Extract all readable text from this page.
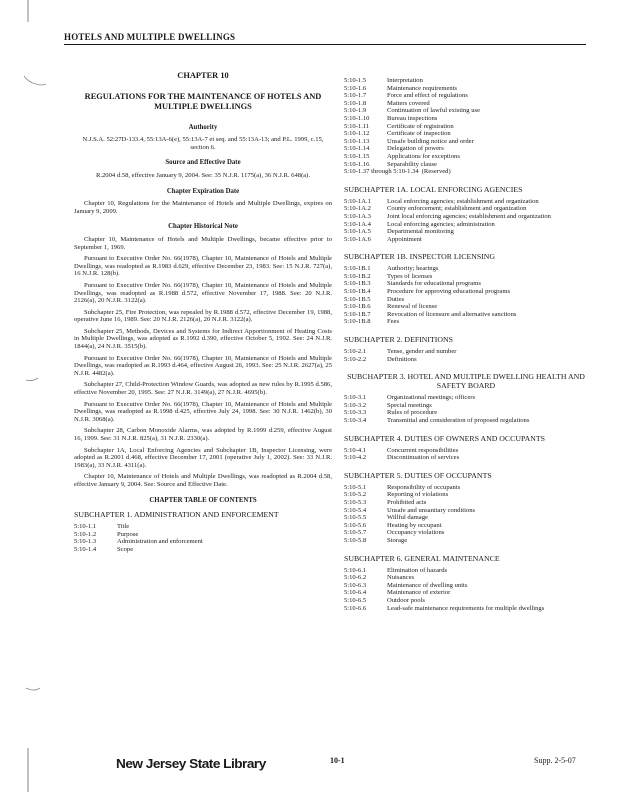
HOTELS AND MULTIPLE DWELLINGS
CHAPTER 10
REGULATIONS FOR THE MAINTENANCE OF HOTELS AND MULTIPLE DWELLINGS
Authority

N.J.S.A. 52:27D-133.4, 55:13A-6(e), 55:13A-7 et seq. and 55:13A-13; and P.L. 1999, c.15, section 6.

Source and Effective Date

R.2004 d.58, effective January 9, 2004. See: 35 N.J.R. 1175(a), 36 N.J.R. 648(a).

Chapter Expiration Date

Chapter 10, Regulations for the Maintenance of Hotels and Multiple Dwellings, expires on January 9, 2009.

Chapter Historical Note

Chapter 10, Maintenance of Hotels and Multiple Dwellings, became effective prior to September 1, 1969.

Pursuant to Executive Order No. 66(1978), Chapter 10, Maintenance of Hotels and Multiple Dwellings, was readopted as R.1983 d.629, effective December 23, 1983. See: 15 N.J.R. 727(a), 16 N.J.R. 128(b).

Pursuant to Executive Order No. 66(1978), Chapter 10, Maintenance of Hotels and Multiple Dwellings, was readopted as R.1988 d.572, effective November 17, 1988. See: 20 N.J.R. 2126(a), 20 N.J.R. 3122(a).

Subchapter 25, Fire Protection, was repealed by R.1988 d.572, effective December 19, 1988, operative June 16, 1989. See: 20 N.J.R. 2126(a), 20 N.J.R. 3122(a).

Subchapter 25, Methods, Devices and Systems for Indirect Apportionment of Heating Costs in Multiple Dwellings, was adopted as R.1992 d.390, effective October 5, 1992. See: 24 N.J.R. 1844(a), 24 N.J.R. 3515(b).

Pursuant to Executive Order No. 66(1978), Chapter 10, Maintenance of Hotels and Multiple Dwellings, was readopted as R.1993 d.464, effective August 26, 1993. See: 25 N.J.R. 2627(a), 25 N.J.R. 4482(a).

Subchapter 27, Child-Protection Window Guards, was adopted as new rules by R.1995 d.586, effective November 20, 1995. See: 27 N.J.R. 3149(a), 27 N.J.R. 4695(b).

Pursuant to Executive Order No. 66(1978), Chapter 10, Maintenance of Hotels and Multiple Dwellings, was readopted as R.1998 d.425, effective July 24, 1998. See: 30 N.J.R. 1462(b), 30 N.J.R. 3068(a).

Subchapter 28, Carbon Monoxide Alarms, was adopted by R.1999 d.259, effective August 16, 1999. See: 31 N.J.R. 825(a), 31 N.J.R. 2330(a).

Subchapter 1A, Local Enforcing Agencies and Subchapter 1B, Inspector Licensing, were adopted as R.2001 d.468, effective December 17, 2001 (operative July 1, 2002). See: 33 N.J.R. 1983(a), 33 N.J.R. 4311(a).

Chapter 10, Maintenance of Hotels and Multiple Dwellings, was readopted as R.2004 d.58, effective January 9, 2004. See: Source and Effective Date.

CHAPTER TABLE OF CONTENTS
SUBCHAPTER 1. ADMINISTRATION AND ENFORCEMENT
5:10-1.1	Title
5:10-1.2	Purpose
5:10-1.3	Administration and enforcement
5:10-1.4	Scope
5:10-1.5	Interpretation
5:10-1.6	Maintenance requirements
5:10-1.7	Force and effect of regulations
5:10-1.8	Matters covered
5:10-1.9	Continuation of lawful existing use
5:10-1.10	Bureau inspections
5:10-1.11	Certificate of registration
5:10-1.12	Certificate of inspection
5:10-1.13	Unsafe building notice and order
5:10-1.14	Delegation of powers
5:10-1.15	Applications for exceptions
5:10-1.16	Separability clause
5:10-1.37 through 5:10-1.34 (Reserved)
SUBCHAPTER 1A. LOCAL ENFORCING AGENCIES
5:10-1A.1	Local enforcing agencies; establishment and organization
5:10-1A.2	County enforcement; establishment and organization
5:10-1A.3	Joint local enforcing agencies; establishment and organization
5:10-1A.4	Local enforcing agencies; administration
5:10-1A.5	Departmental monitoring
5:10-1A.6	Appointment
SUBCHAPTER 1B. INSPECTOR LICENSING
5:10-1B.1	Authority; hearings
5:10-1B.2	Types of licenses
5:10-1B.3	Standards for educational programs
5:10-1B.4	Procedure for approving educational programs
5:10-1B.5	Duties
5:10-1B.6	Renewal of license
5:10-1B.7	Revocation of licensure and alternative sanctions
5:10-1B.8	Fees
SUBCHAPTER 2. DEFINITIONS
5:10-2.1	Tense, gender and number
5:10-2.2	Definitions
SUBCHAPTER 3. HOTEL AND MULTIPLE DWELLING HEALTH AND SAFETY BOARD
5:10-3.1	Organizational meetings; officers
5:10-3.2	Special meetings
5:10-3.3	Rules of procedure
5:10-3.4	Transmittal and consideration of proposed regulations
SUBCHAPTER 4. DUTIES OF OWNERS AND OCCUPANTS
5:10-4.1	Concurrent responsibilities
5:10-4.2	Discontinuation of services
SUBCHAPTER 5. DUTIES OF OCCUPANTS
5:10-5.1	Responsibility of occupants
5:10-5.2	Reporting of violations
5:10-5.3	Prohibited acts
5:10-5.4	Unsafe and unsanitary conditions
5:10-5.5	Willful damage
5:10-5.6	Heating by occupant
5:10-5.7	Occupancy violations
5:10-5.8	Storage
SUBCHAPTER 6. GENERAL MAINTENANCE
5:10-6.1	Elimination of hazards
5:10-6.2	Nuisances
5:10-6.3	Maintenance of dwelling units
5:10-6.4	Maintenance of exterior
5:10-6.5	Outdoor pools
5:10-6.6	Lead-safe maintenance requirements for multiple dwellings
New Jersey State Library	10-1	Supp. 2-5-07
